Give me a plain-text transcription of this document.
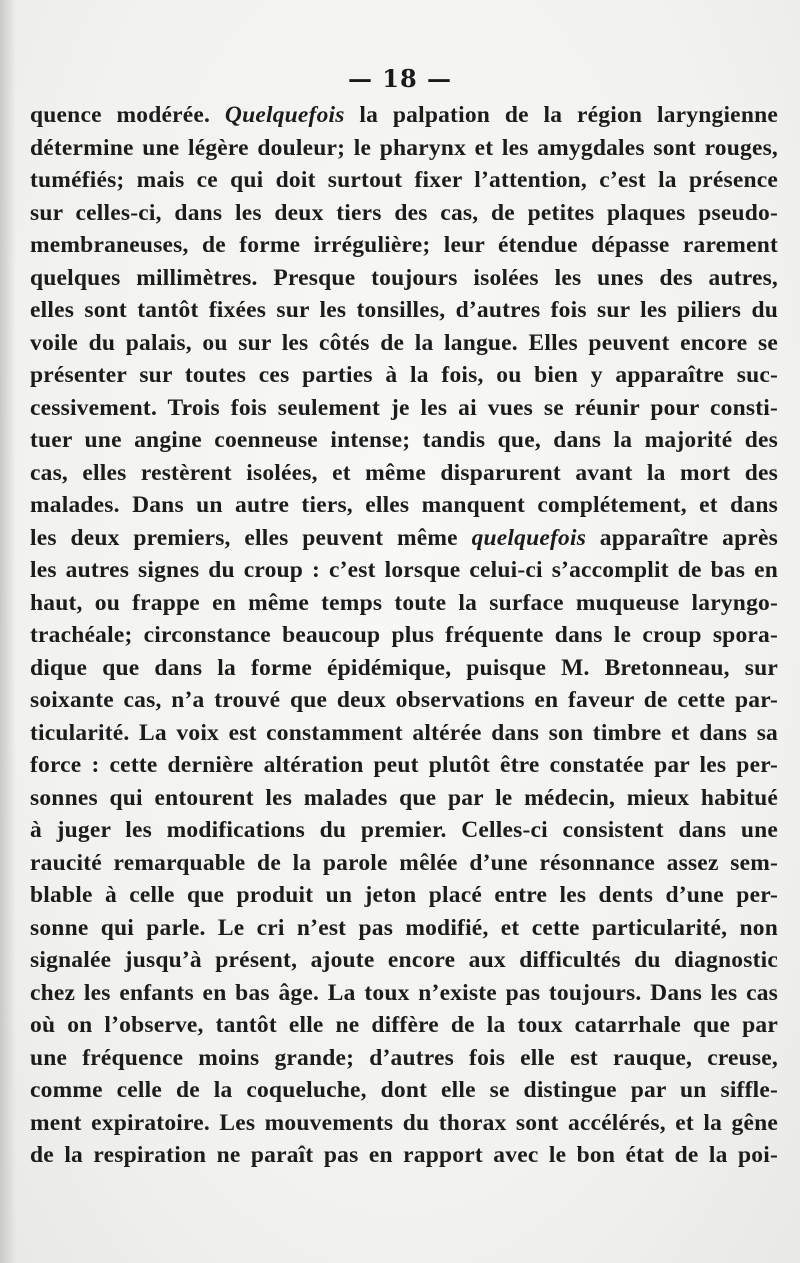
— 18 —
quence modérée. Quelquefois la palpation de la région laryngienne
détermine une légère douleur; le pharynx et les amygdales sont rouges,
tuméfiés; mais ce qui doit surtout fixer l’attention, c’est la présence
sur celles-ci, dans les deux tiers des cas, de petites plaques pseudo-
membraneuses, de forme irrégulière; leur étendue dépasse rarement
quelques millimètres. Presque toujours isolées les unes des autres,
elles sont tantôt fixées sur les tonsilles, d’autres fois sur les piliers du
voile du palais, ou sur les côtés de la langue. Elles peuvent encore se
présenter sur toutes ces parties à la fois, ou bien y apparaître suc-
cessivement. Trois fois seulement je les ai vues se réunir pour consti-
tuer une angine coenneuse intense; tandis que, dans la majorité des
cas, elles restèrent isolées, et même disparurent avant la mort des
malades. Dans un autre tiers, elles manquent complétement, et dans
les deux premiers, elles peuvent même quelquefois apparaître après
les autres signes du croup : c’est lorsque celui-ci s’accomplit de bas en
haut, ou frappe en même temps toute la surface muqueuse laryngo-
trachéale; circonstance beaucoup plus fréquente dans le croup spora-
dique que dans la forme épidémique, puisque M. Bretonneau, sur
soixante cas, n’a trouvé que deux observations en faveur de cette par-
ticularité. La voix est constamment altérée dans son timbre et dans sa
force : cette dernière altération peut plutôt être constatée par les per-
sonnes qui entourent les malades que par le médecin, mieux habitué
à juger les modifications du premier. Celles-ci consistent dans une
raucité remarquable de la parole mêlée d’une résonnance assez sem-
blable à celle que produit un jeton placé entre les dents d’une per-
sonne qui parle. Le cri n’est pas modifié, et cette particularité, non
signalée jusqu’à présent, ajoute encore aux difficultés du diagnostic
chez les enfants en bas âge. La toux n’existe pas toujours. Dans les cas
où on l’observe, tantôt elle ne diffère de la toux catarrhale que par
une fréquence moins grande; d’autres fois elle est rauque, creuse,
comme celle de la coqueluche, dont elle se distingue par un siffle-
ment expiratoire. Les mouvements du thorax sont accélérés, et la gêne
de la respiration ne paraît pas en rapport avec le bon état de la poi-
